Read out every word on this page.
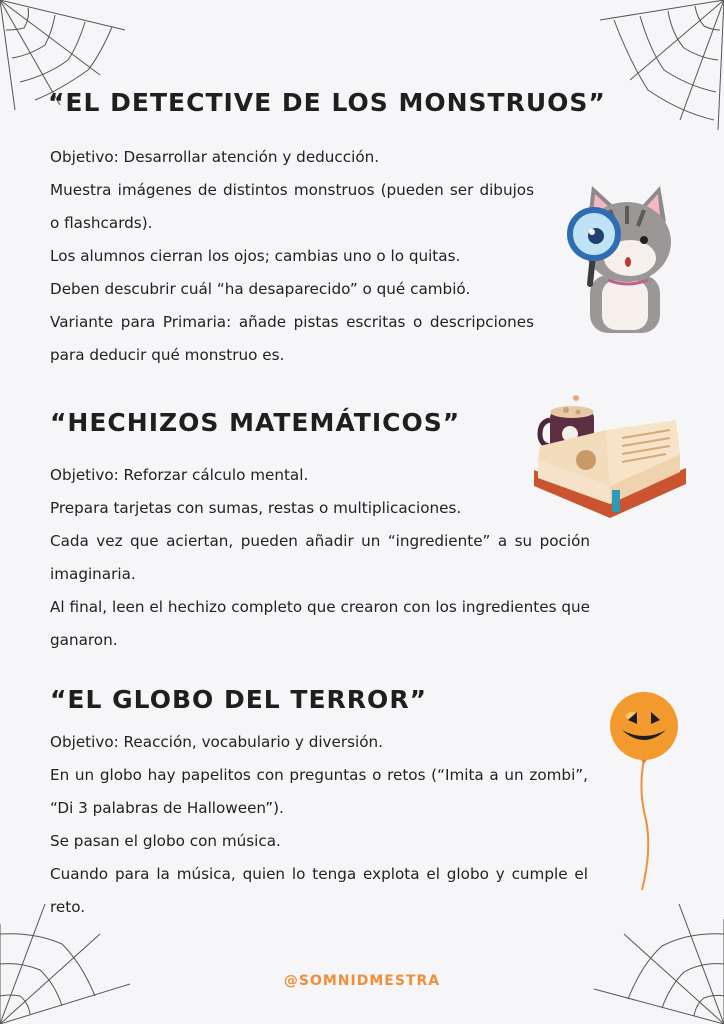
“EL DETECTIVE DE LOS MONSTRUOS”

Objetivo: Desarrollar atención y deducción.

Muestra imágenes de distintos monstruos (pueden ser dibujos o flashcards).

Los alumnos cierran los ojos; cambias uno o lo quitas.

Deben descubrir cuál “ha desaparecido” o qué cambió.

Variante para Primaria: añade pistas escritas o descripciones para deducir qué monstruo es.

“HECHIZOS MATEMÁTICOS”

Objetivo: Reforzar cálculo mental.

Prepara tarjetas con sumas, restas o multiplicaciones.

Cada vez que aciertan, pueden añadir un “ingrediente” a su poción imaginaria.

Al final, leen el hechizo completo que crearon con los ingredientes que ganaron.

“EL GLOBO DEL TERROR”

Objetivo: Reacción, vocabulario y diversión.

En un globo hay papelitos con preguntas o retos (“Imita a un zombi”, “Di 3 palabras de Halloween”).

Se pasan el globo con música.

Cuando para la música, quien lo tenga explota el globo y cumple el reto.

@SOMNIDMESTRA
